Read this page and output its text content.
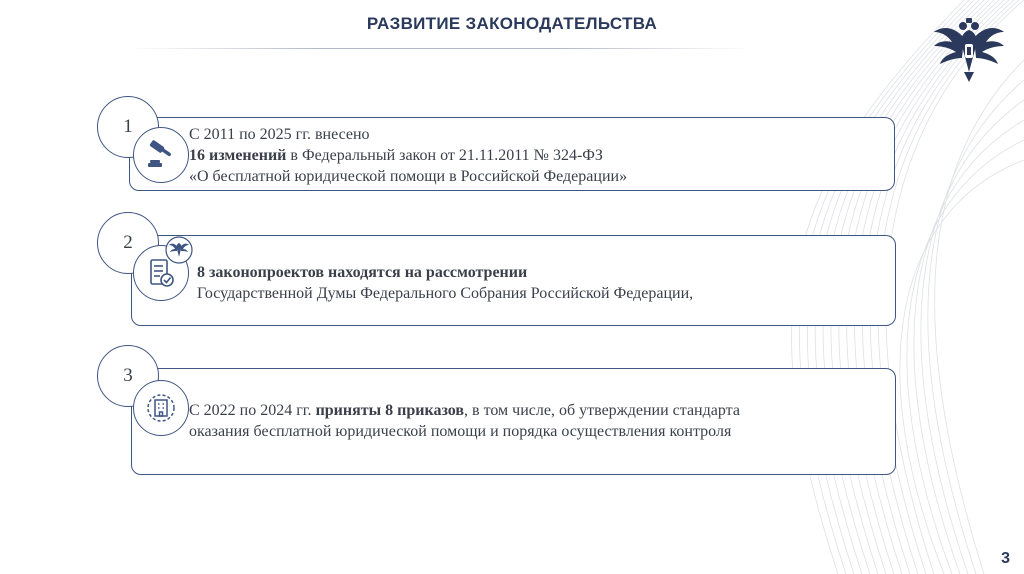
РАЗВИТИЕ ЗАКОНОДАТЕЛЬСТВА
1	С 2011 по 2025 гг. внесено
16 изменений в Федеральный закон от 21.11.2011 № 324-ФЗ
«О бесплатной юридической помощи в Российской Федерации»
2
8 законопроектов находятся на рассмотрении
Государственной Думы Федерального Собрания Российской Федерации,
3
С 2022 по 2024 гг. приняты 8 приказов, в том числе, об утверждении стандарта
оказания бесплатной юридической помощи и порядка осуществления контроля
3
